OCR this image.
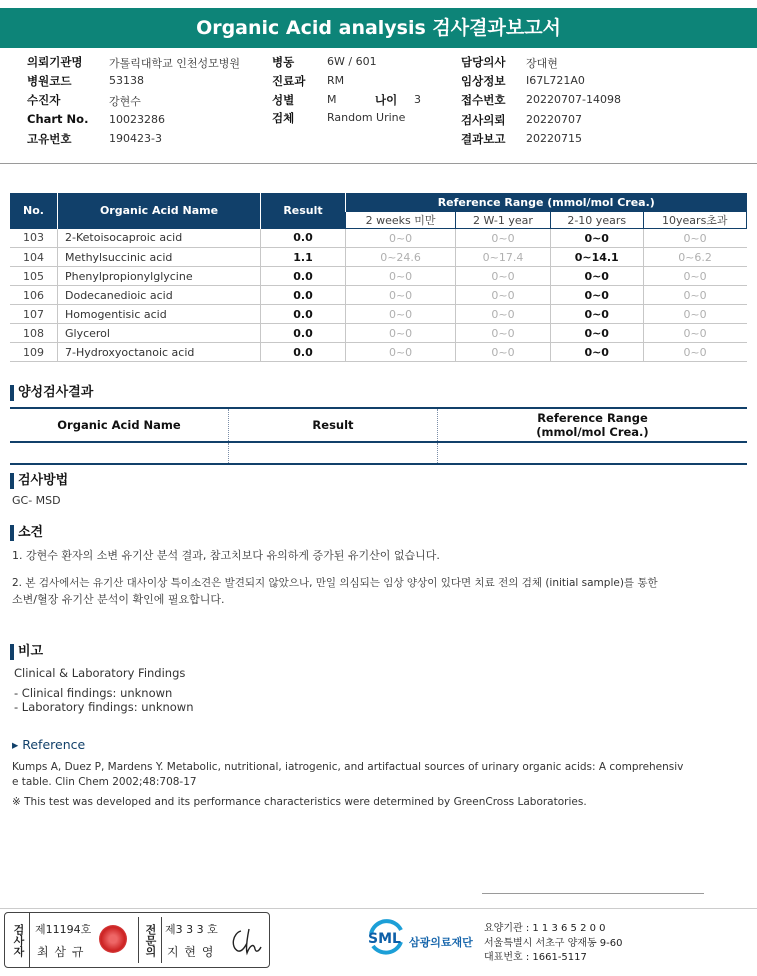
Organic Acid analysis 검사결과보고서
의뢰기관명 가톨릭대학교 인천성모병원
병원코드	53138
수진자	강현수
Chart No. 10023286
고유번호	190423-3
병동	6W / 601
진료과 RM
성별	M
검체	Random Urine
담당의사 장대현
임상정보 I67L721A0
접수번호 20220707-14098
검사의뢰 20220707
결과보고 20220715
나이 3
No.	Organic Acid Name	Result	Reference Range (mmol/mol Crea.)			
			2 weeks 미만	2 W-1 year	2-10 years	10years초과
103	2-Ketoisocaproic acid	0.0	0~0	0~0	0~0	0~0
104	Methylsuccinic acid	1.1	0~24.6	0~17.4	0~14.1	0~6.2
105	Phenylpropionylglycine	0.0	0~0	0~0	0~0	0~0
106	Dodecanedioic acid	0.0	0~0	0~0	0~0	0~0
107	Homogentisic acid	0.0	0~0	0~0	0~0	0~0
108	Glycerol	0.0	0~0	0~0	0~0	0~0
109	7-Hydroxyoctanoic acid	0.0	0~0	0~0	0~0	0~0
양성검사결과
Organic Acid Name	Result	Reference Range
(mmol/mol Crea.)

검사방법
GC- MSD
소견
1. 강현수 환자의 소변 유기산 분석 결과, 참고치보다 유의하게 증가된 유기산이 없습니다.
2. 본 검사에서는 유기산 대사이상 특이소견은 발견되지 않았으나, 만일 의심되는 임상 양상이 있다면 치료 전의 검체 (initial sample)를 통한
소변/혈장 유기산 분석이 확인에 필요합니다.
비고
Clinical & Laboratory Findings
- Clinical findings: unknown
- Laboratory findings: unknown
▸ Reference
Kumps A, Duez P, Mardens Y. Metabolic, nutritional, iatrogenic, and artifactual sources of urinary organic acids: A comprehensiv
e table. Clin Chem 2002;48:708-17
※ This test was developed and its performance characteristics were determined by GreenCross Laboratories.
검사자 제11194호
최 삼 규	전문의 제3 3 3 호
지 현 영
SML 삼광의료재단
요양기관 : 1 1 3 6 5 2 0 0
서울특별시 서초구 양재동 9-60
대표번호 : 1661-5117
